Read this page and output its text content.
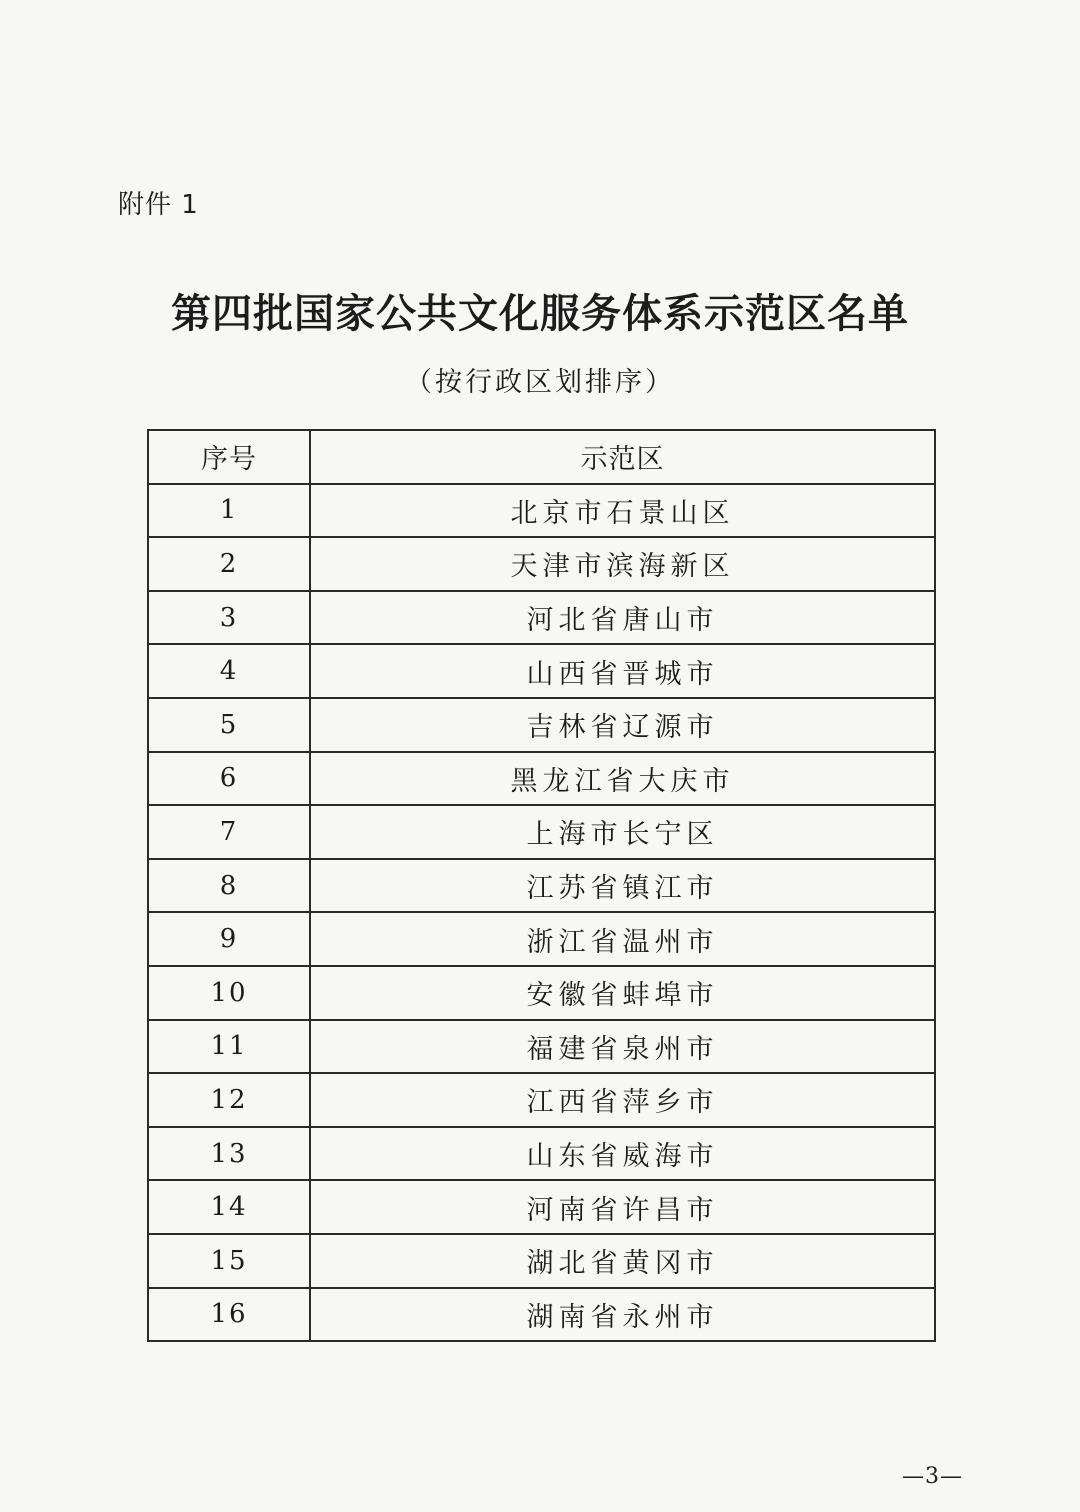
附件 1
第四批国家公共文化服务体系示范区名单
（按行政区划排序）
序号	示范区
1	北京市石景山区
2	天津市滨海新区
3	河北省唐山市
4	山西省晋城市
5	吉林省辽源市
6	黑龙江省大庆市
7	上海市长宁区
8	江苏省镇江市
9	浙江省温州市
10	安徽省蚌埠市
11	福建省泉州市
12	江西省萍乡市
13	山东省威海市
14	河南省许昌市
15	湖北省黄冈市
16	湖南省永州市
—3—
